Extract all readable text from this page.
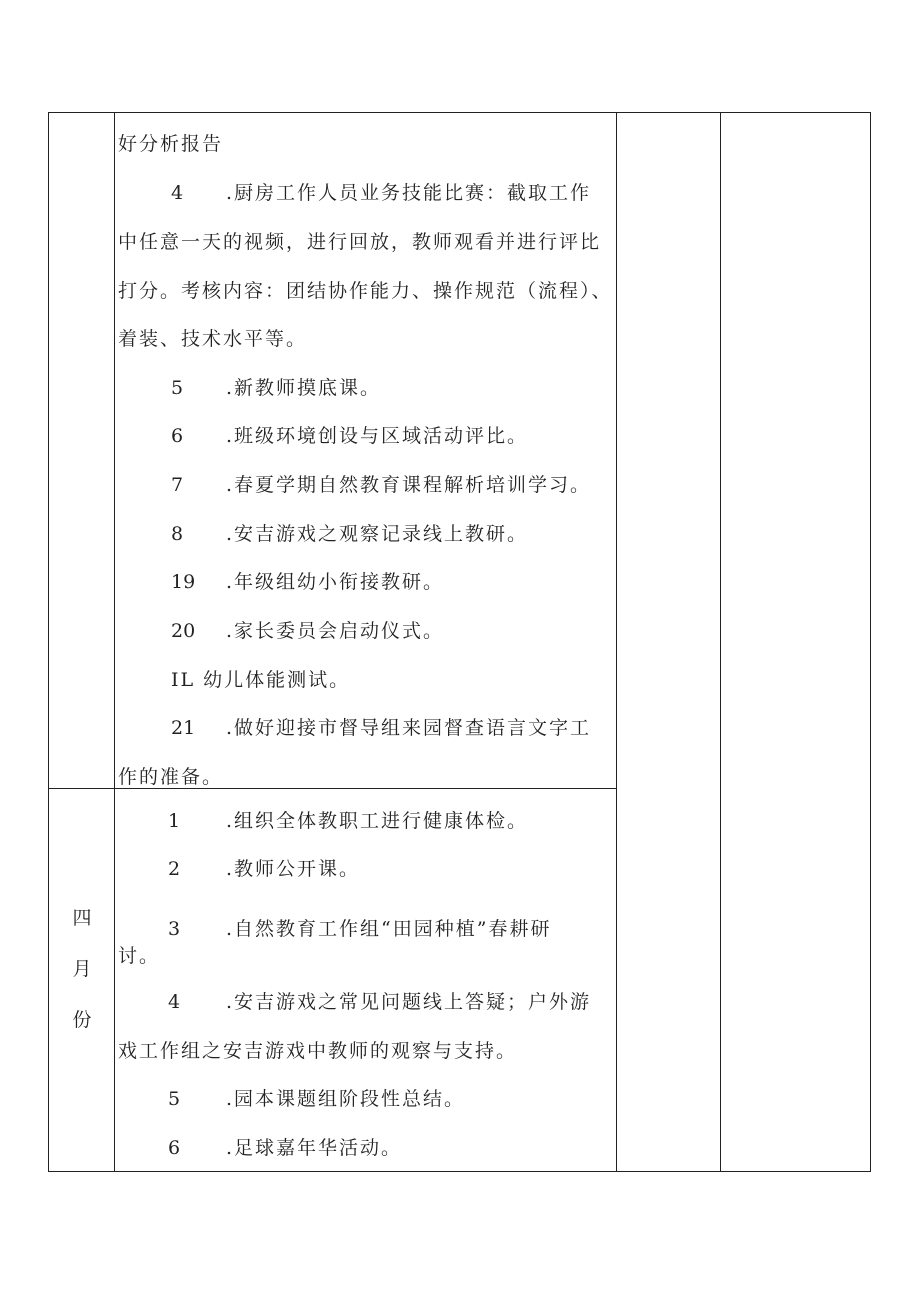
好分析报告
4 .厨房工作人员业务技能比赛：截取工作
中任意一天的视频，进行回放，教师观看并进行评比
打分。考核内容：团结协作能力、操作规范（流程）、
着装、技术水平等。
5 .新教师摸底课。
6 .班级环境创设与区域活动评比。
7 .春夏学期自然教育课程解析培训学习。
8 .安吉游戏之观察记录线上教研。
19 .年级组幼小衔接教研。
20 .家长委员会启动仪式。
IL 幼儿体能测试。
21 .做好迎接市督导组来园督查语言文字工
作的准备。
四
月
份
1 .组织全体教职工进行健康体检。
2 .教师公开课。
3 .自然教育工作组“田园种植”春耕研
讨。
4 .安吉游戏之常见问题线上答疑；户外游
戏工作组之安吉游戏中教师的观察与支持。
5 .园本课题组阶段性总结。
6 .足球嘉年华活动。
